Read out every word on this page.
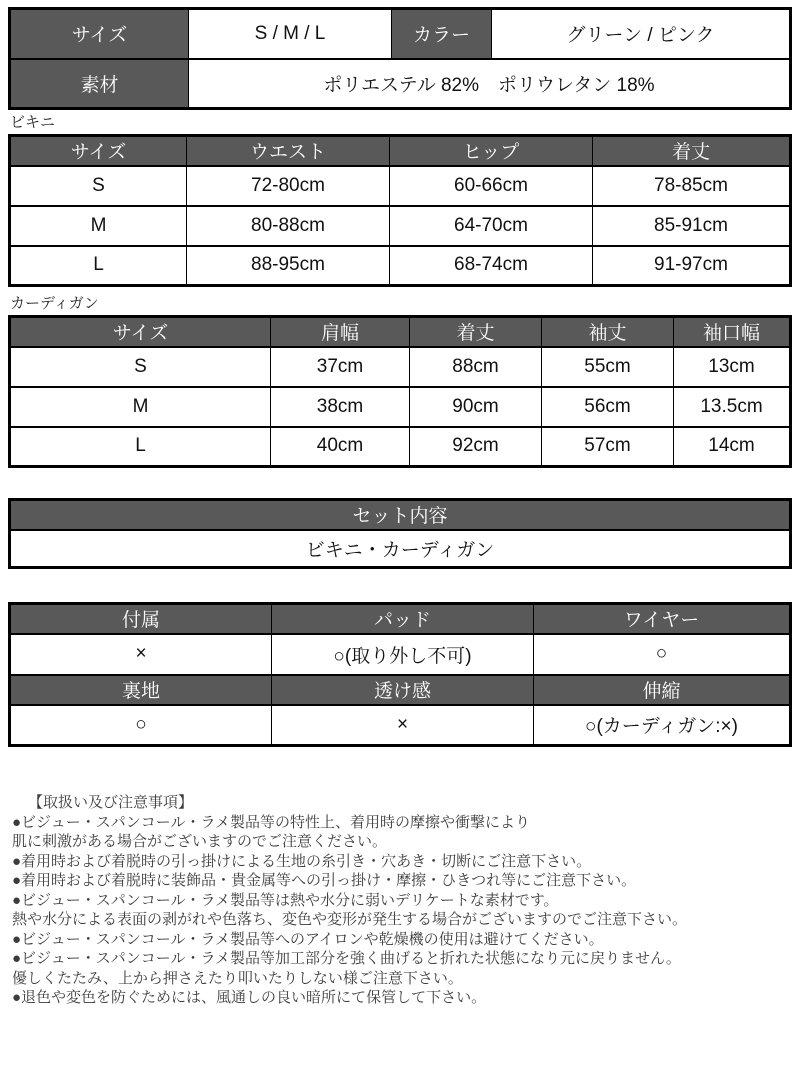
サイズ	S / M / L	カラー	グリーン / ピンク
素材	ポリエステル 82%　ポリウレタン 18%		
ビキニ
サイズ	ウエスト	ヒップ	着丈
S	72-80cm	60-66cm	78-85cm
M	80-88cm	64-70cm	85-91cm
L	88-95cm	68-74cm	91-97cm
カーディガン
サイズ	肩幅	着丈	袖丈	袖口幅
S	37cm	88cm	55cm	13cm
M	38cm	90cm	56cm	13.5cm
L	40cm	92cm	57cm	14cm
セット内容
ビキニ・カーディガン
付属	パッド	ワイヤー
×	○(取り外し不可)	○
裏地	透け感	伸縮
○	×	○(カーディガン:×)
【取扱い及び注意事項】
●ビジュー・スパンコール・ラメ製品等の特性上、着用時の摩擦や衝撃により
肌に刺激がある場合がございますのでご注意ください。
●着用時および着脱時の引っ掛けによる生地の糸引き・穴あき・切断にご注意下さい。
●着用時および着脱時に装飾品・貴金属等への引っ掛け・摩擦・ひきつれ等にご注意下さい。
●ビジュー・スパンコール・ラメ製品等は熱や水分に弱いデリケートな素材です。
熱や水分による表面の剥がれや色落ち、変色や変形が発生する場合がございますのでご注意下さい。
●ビジュー・スパンコール・ラメ製品等へのアイロンや乾燥機の使用は避けてください。
●ビジュー・スパンコール・ラメ製品等加工部分を強く曲げると折れた状態になり元に戻りません。
優しくたたみ、上から押さえたり叩いたりしない様ご注意下さい。
●退色や変色を防ぐためには、風通しの良い暗所にて保管して下さい。
